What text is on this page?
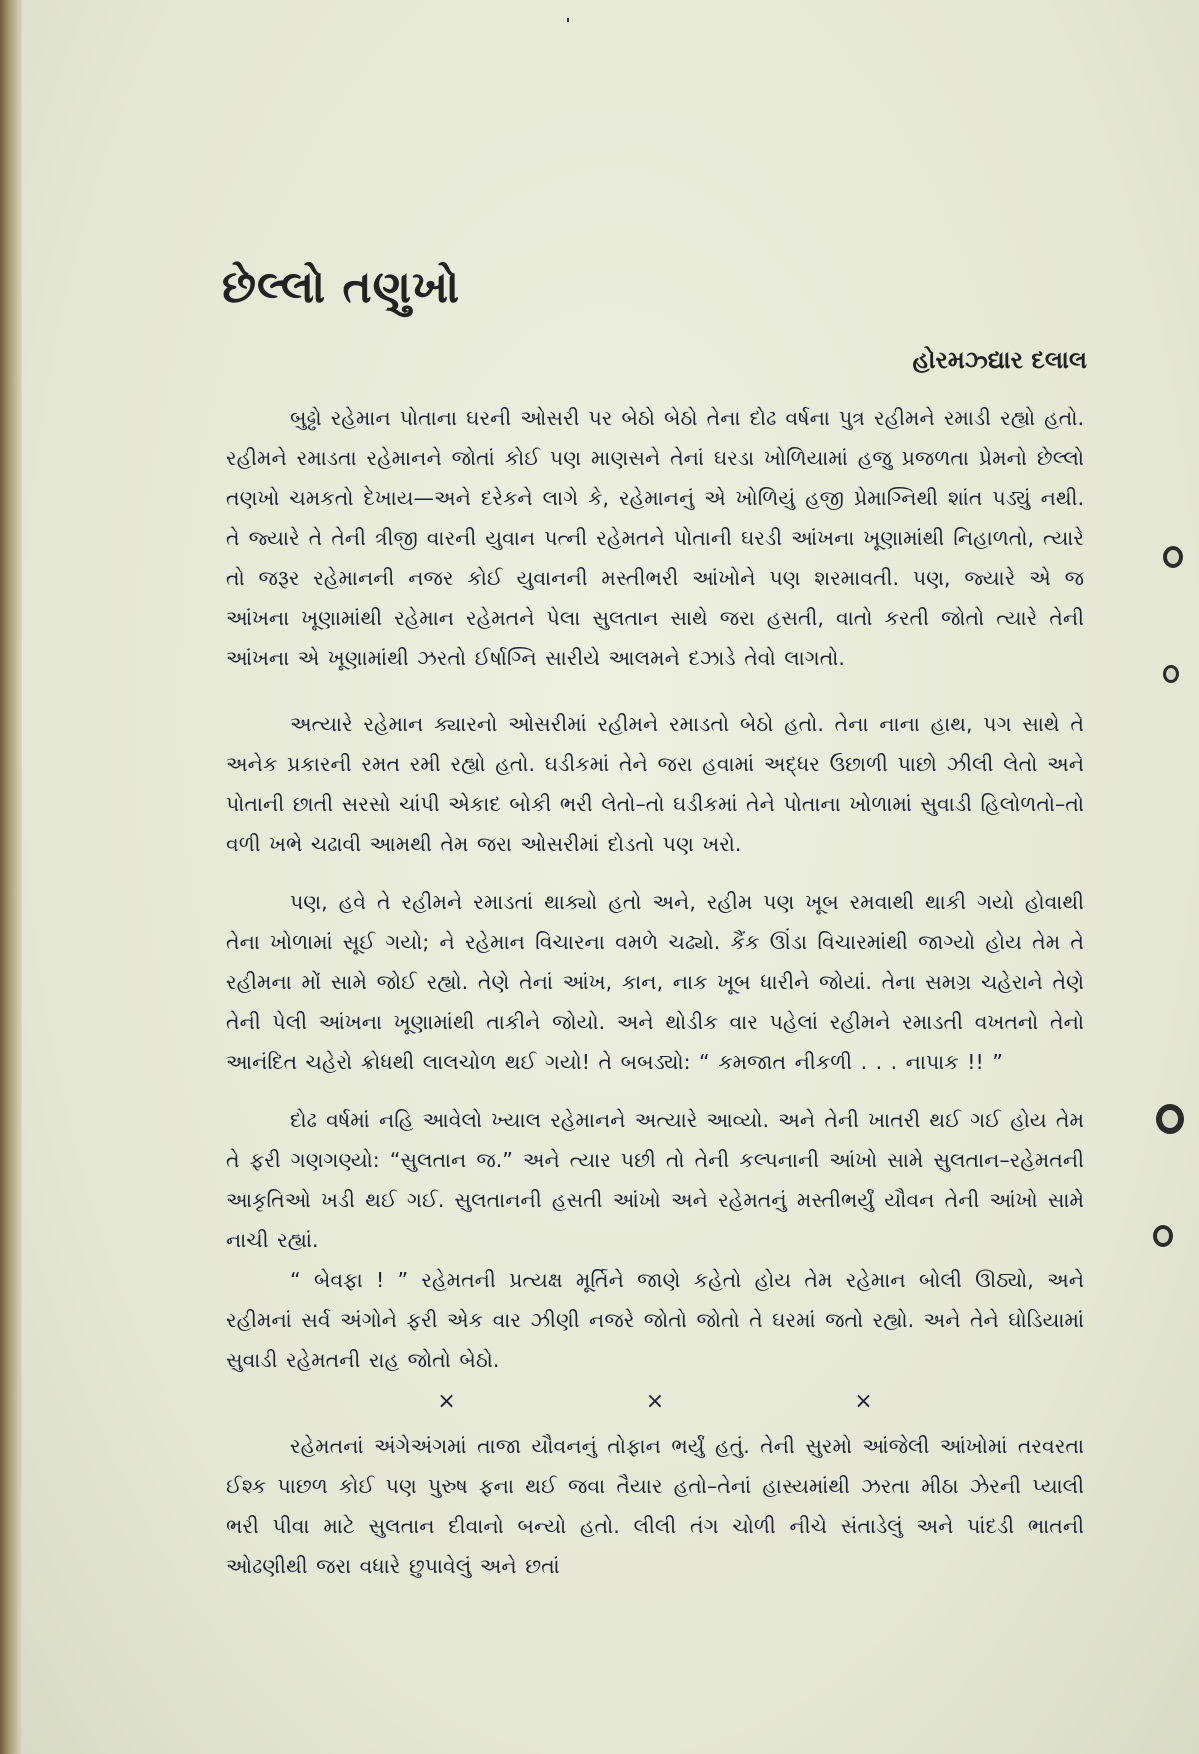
છેલ્લો તણુખો
હોરમઝ્દ્યાર દલાલ

બુઢ્ઢો રહેમાન પોતાના ઘરની ઓસરી પર બેઠો બેઠો તેના દોઢ વર્ષના પુત્ર રહીમને રમાડી રહ્યો હતો. રહીમને રમાડતા રહેમાનને જોતાં કોઈ પણ માણસને તેનાં ઘરડા ખોળિયામાં હજુ પ્રજળતા પ્રેમનો છેલ્લો તણખો ચમકતો દેખાય—અને દરેકને લાગે કે, રહેમાનનું એ ખોળિયું હજી પ્રેમાગ્નિથી શાંત પડ્યું નથી. તે જ્યારે તે તેની ત્રીજી વારની યુવાન પત્ની રહેમતને પોતાની ઘરડી આંખના ખૂણામાંથી નિહાળતો, ત્યારે તો જરૂર રહેમાનની નજર કોઈ યુવાનની મસ્તીભરી આંખોને પણ શરમાવતી. પણ, જ્યારે એ જ આંખના ખૂણામાંથી રહેમાન રહેમતને પેલા સુલતાન સાથે જરા હસતી, વાતો કરતી જોતો ત્યારે તેની આંખના એ ખૂણામાંથી ઝરતો ઈર્ષાગ્નિ સારીયે આલમને દઝાડે તેવો લાગતો.

અત્યારે રહેમાન ક્યારનો ઓસરીમાં રહીમને રમાડતો બેઠો હતો. તેના નાના હાથ, પગ સાથે તે અનેક પ્રકારની રમત રમી રહ્યો હતો. ઘડીકમાં તેને જરા હવામાં અદ્ધર ઉછાળી પાછો ઝીલી લેતો અને પોતાની છાતી સરસો ચાંપી એકાદ બોકી ભરી લેતો–તો ઘડીકમાં તેને પોતાના ખોળામાં સુવાડી હિલોળતો–તો વળી ખભે ચઢાવી આમથી તેમ જરા ઓસરીમાં દોડતો પણ ખરો.

પણ, હવે તે રહીમને રમાડતાં થાક્યો હતો અને, રહીમ પણ ખૂબ રમવાથી થાકી ગયો હોવાથી તેના ખોળામાં સૂઈ ગયો; ને રહેમાન વિચારના વમળે ચઢ્યો. કૈંક ઊંડા વિચારમાંથી જાગ્યો હોય તેમ તે રહીમના મોં સામે જોઈ રહ્યો. તેણે તેનાં આંખ, કાન, નાક ખૂબ ધારીને જોયાં. તેના સમગ્ર ચહેરાને તેણે તેની પેલી આંખના ખૂણામાંથી તાકીને જોયો. અને થોડીક વાર પહેલાં રહીમને રમાડતી વખતનો તેનો આનંદિત ચહેરો ક્રોધથી લાલચોળ થઈ ગયો! તે બબડ્યો: “ કમજાત નીકળી . . . નાપાક !! ”

દોઢ વર્ષમાં નહિ આવેલો ખ્યાલ રહેમાનને અત્યારે આવ્યો. અને તેની ખાતરી થઈ ગઈ હોય તેમ તે ફરી ગણગણ્યો: “સુલતાન જ.” અને ત્યાર પછી તો તેની કલ્પનાની આંખો સામે સુલતાન–રહેમતની આકૃતિઓ ખડી થઈ ગઈ. સુલતાનની હસતી આંખો અને રહેમતનું મસ્તીભર્યું યૌવન તેની આંખો સામે નાચી રહ્યાં.

“ બેવફા ! ” રહેમતની પ્રત્યક્ષ મૂર્તિને જાણે કહેતો હોય તેમ રહેમાન બોલી ઊઠ્યો, અને રહીમનાં સર્વ અંગોને ફરી એક વાર ઝીણી નજરે જોતો જોતો તે ઘરમાં જતો રહ્યો. અને તેને ઘોડિયામાં સુવાડી રહેમતની રાહ જોતો બેઠો.

×	×	×

રહેમતનાં અંગેઅંગમાં તાજા યૌવનનું તોફાન ભર્યું હતું. તેની સુરમો આંજેલી આંખોમાં તરવરતા ઈશ્ક પાછળ કોઈ પણ પુરુષ ફના થઈ જવા તૈયાર હતો–તેનાં હાસ્યમાંથી ઝરતા મીઠા ઝેરની પ્યાલી ભરી પીવા માટે સુલતાન દીવાનો બન્યો હતો. લીલી તંગ ચોળી નીચે સંતાડેલું અને પાંદડી ભાતની ઓઢણીથી જરા વધારે છુપાવેલું અને છતાં
